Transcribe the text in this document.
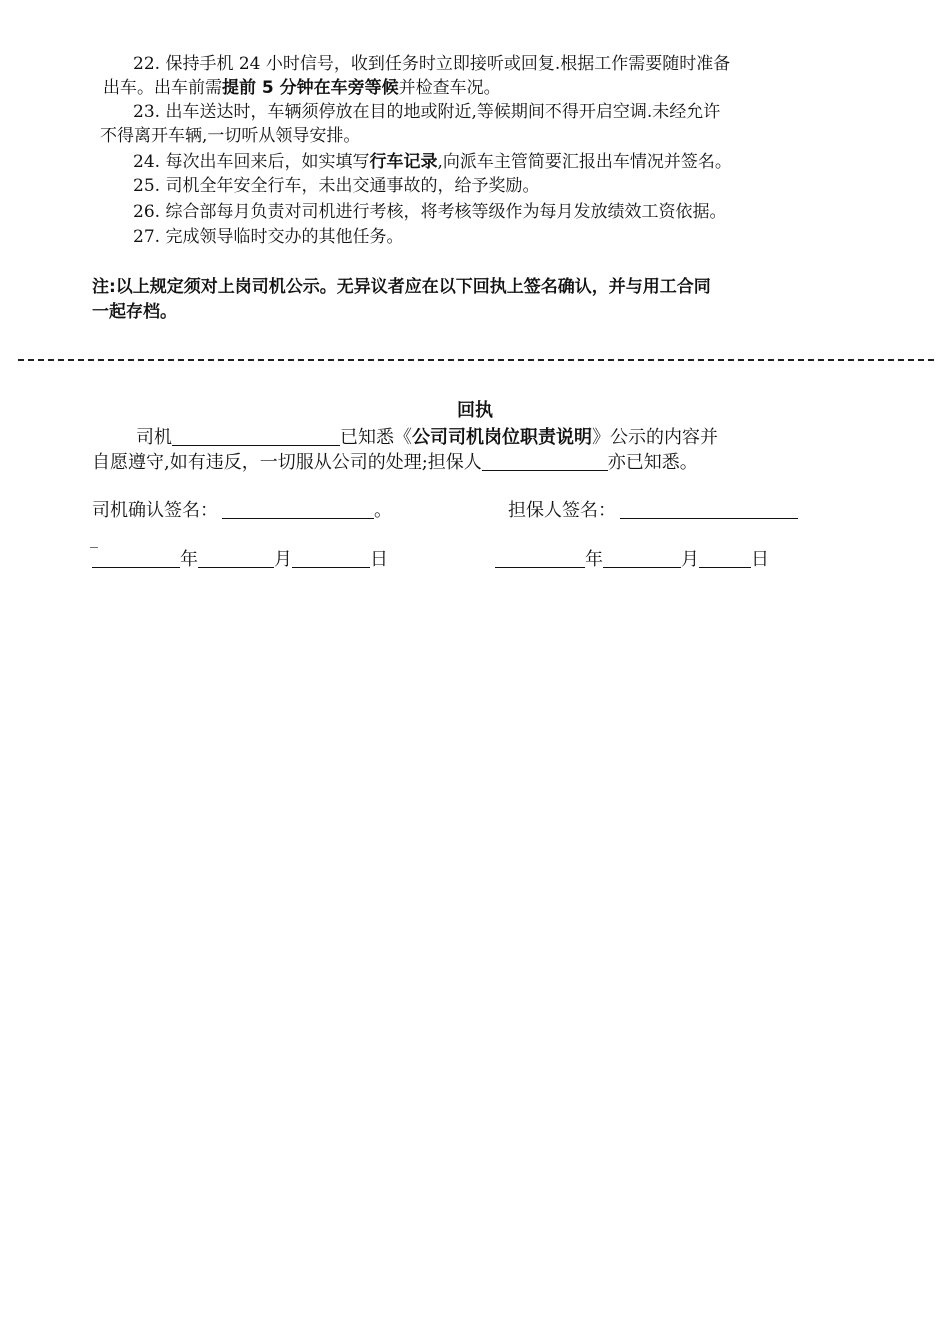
22. 保持手机 24 小时信号，收到任务时立即接听或回复.根据工作需要随时准备
出车。出车前需提前 5 分钟在车旁等候并检查车况。
23. 出车送达时，车辆须停放在目的地或附近,等候期间不得开启空调.未经允许
不得离开车辆,一切听从领导安排。
24. 每次出车回来后，如实填写行车记录,向派车主管简要汇报出车情况并签名。
25. 司机全年安全行车，未出交通事故的，给予奖励。
26. 综合部每月负责对司机进行考核，将考核等级作为每月发放绩效工资依据。
27. 完成领导临时交办的其他任务。
注:以上规定须对上岗司机公示。无异议者应在以下回执上签名确认，并与用工合同
一起存档。
回执
司机	已知悉《公司司机岗位职责说明》公示的内容并
自愿遵守,如有违反，一切服从公司的处理;担保人	亦已知悉。
司机确认签名：	。	担保人签名：
_
年	月	日	年	月	日
